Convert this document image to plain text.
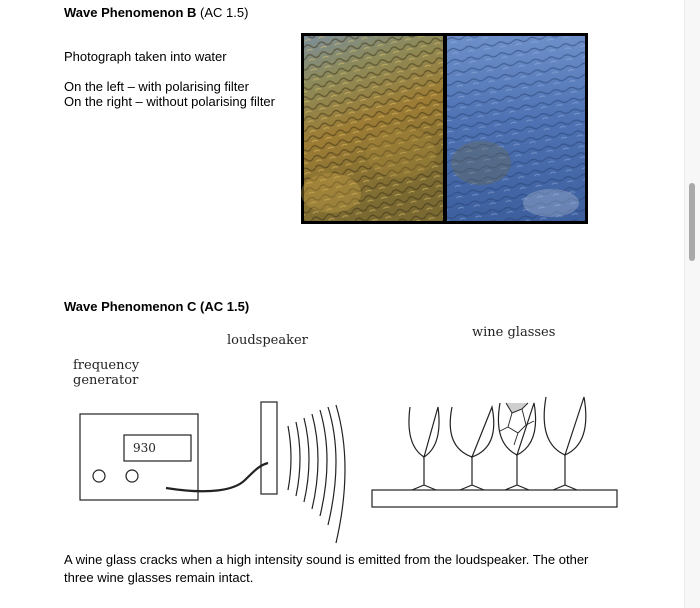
Wave Phenomenon B (AC 1.5)
Photograph taken into water
On the left – with polarising filter
On the right – without polarising filter
Wave Phenomenon C (AC 1.5)
loudspeaker
wine glasses
frequency
generator
930
A wine glass cracks when a high intensity sound is emitted from the loudspeaker. The other
three wine glasses remain intact.
